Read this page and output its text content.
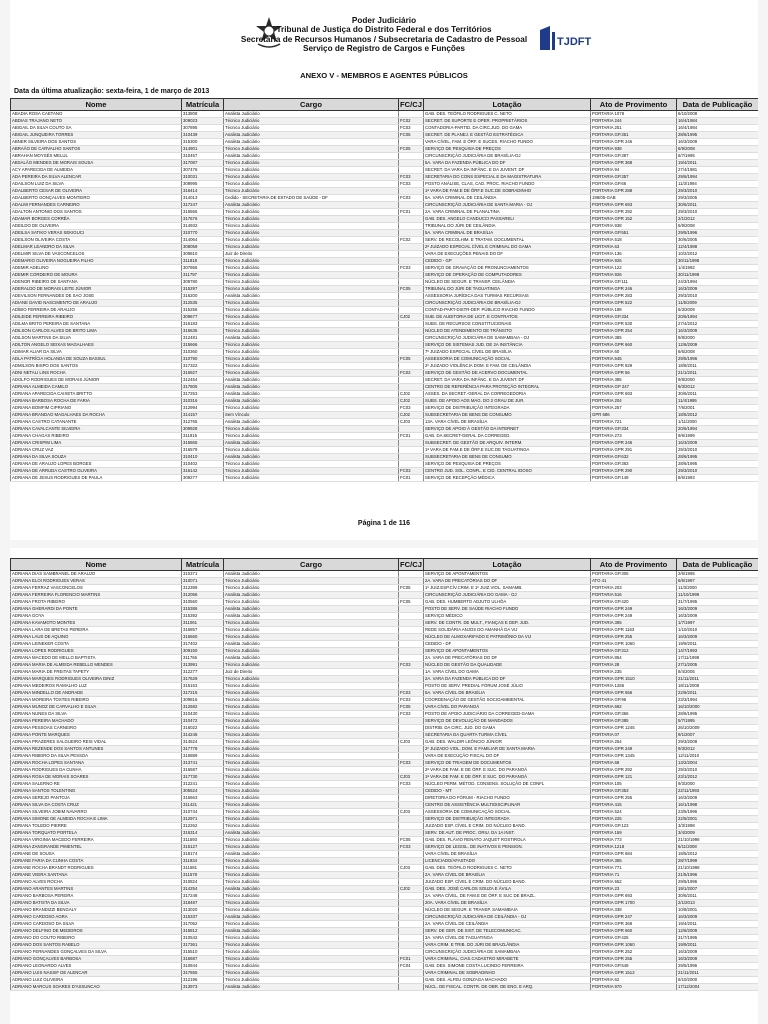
Poder Judiciário
Tribunal de Justiça do Distrito Federal e dos Territórios
Secretaria de Recursos Humanos / Subsecretaria de Cadastro de Pessoal
Serviço de Registro de Cargos e Funções
TJDFT
ANEXO V - MEMBROS E AGENTES PÚBLICOS
Data da última atualização: sexta-feira, 1 de março de 2013
Nome	Matrícula	Cargo	FC/CJ	Lotação	Ato de Provimento	Data de Publicação
ABADIA ROSA CAETANO	313808	Analista Judiciário		GAB. DES. TEÓFILO RODRIGUES C. NETO	PORTARIA 1078	6/10/2008
ABDIAS TRAJANO NETO	309023	Técnico Judiciário	FC02	SECRET. DE SUPORTE E OPER. PROPRIETÁRIOS	PORTARIA 244	16/4/1984
ABIGAIL DA SILVA COUTO SA	307895	Técnico Judiciário	FC03	CONTADORIA-PARTID. DA CIRC.JUD. DO GAMA	PORTARIA 251	16/4/1984
ABIGAIL JUNQUEIRA TORRES	310439	Analista Judiciário	FC05	SECRET. DE PLANEJ. E GESTÃO ESTRATÉGICA	PORTARIA GP.361	28/6/1995
ABNER SILVEIRA DOS SANTOS	315300	Analista Judiciário		VARA CÍVEL, FAM. E ÓRF. E SUCES. RIACHO FUNDO	PORTARIA GPR 246	16/3/2009
ABRAÃO DE CARVALHO SANTOS	314901	Técnico Judiciário	FC05	SERVIÇO DE PESQUISA DE PREÇOS	PORTARIA 938	6/9/2008
ABRAHAN MOYSÉS MELUL	310457	Analista Judiciário		CIRCUNSCRIÇÃO JUDICIÁRIA DE BRASÍLIA-DJ	PORTARIA GP.387	6/7/1995
ABSALÃO MENDES DE MORAIS SOUSA	317087	Técnico Judiciário		5A. VARA DA FAZENDA PÚBLICA DO DF	PORTARIA GPR 368	19/4/2011
ACY APARECIDA DE ALMEIDA	307476	Técnico Judiciário		SECRET. DA VARA DA INFÂNC. E DA JUVENT. DF	PORTARIA 94	27/4/1981
ADA PEREIRA DA SILVA ALENCAR	310031	Técnico Judiciário	FC03	SECRETARIA DO CONS ESPECIAL E DA MAGISTRATURA	PORTARIA GP.357	29/6/1994
ADAILSON LUIZ DA SILVA	309995	Técnico Judiciário	FC03	POSTO ANÁLISE, CLAS, CAD. PROC. RIACHO FUNDO	PORTARIA GP.66	11/3/1994
ADALBERTO CESAR DE OLIVEIRA	316414	Técnico Judiciário		1ª VARA DE FAM.E DE ÓRF.E SUC.DE SOBRADINHO	PORTARIA GPR 288	29/3/2010
ADALBERTO GONÇALVES MONTEIRO	314013	Cedido - SECRETARIA DE ESTADO DE SAÚDE - DF	FC03	5A. VARA CRIMINAL DE CEILÂNDIA	198/05-GAB	29/3/2005
ADALMI FERNANDES CARNEIRO	317247	Analista Judiciário		CIRCUNSCRIÇÃO JUDICIÁRIA DE SANTA MARIA - OJ	PORTARIA GPR 693	30/6/2011
ADALTON ANTONIO DOS SANTOS	316566	Técnico Judiciário	FC01	2A. VARA CRIMINAL DE PLANALTINA	PORTARIA GPR 292	29/3/2010
ADAMAR BORGES CORRÊA	317676	Técnico Judiciário		GAB. DES. ANGELO CANDUCCI PASSARELI	PORTARIA GPR 152	2/1/2012
ADEILDO DE OLIVEIRA	314932	Técnico Judiciário		TRIBUNAL DO JÚRI DE CEILÂNDIA	PORTARIA 938	6/9/2008
ADEILSA SATIKO VERAS SEKIGUCI	310770	Técnico Judiciário		5A. VARA CRIMINAL DE BRASÍLIA	PORTARIA GP.551	29/5/1996
ADEILSON OLIVEIRA COSTA	314064	Técnico Judiciário	FC02	SERV. DE RECOLHIM. E TRATAM. DOCUMENTAL	PORTARIA 518	30/6/2005
ADELMAR LEANDRO DA SILVA	308059	Técnico Judiciário		2ª JUIZADO ESPECIAL CÍVEL E CRIMINAL DO GAMA	PORTARIA 63	12/4/1988
ADELMIR SILVA DE VASCONCELOS	309810	Juiz de Direito		VARA DE EXECUÇÕES PENAIS DO DF	PORTARIA 136	10/2/2012
ADEMARIO OLIVEIRA NOGUEIRA FILHO	311818	Técnico Judiciário		CEDIDO - GP	PORTARIA 926	30/11/1998
ADEMIR ADELINO	307866	Técnico Judiciário	FC03	SERVIÇO DE GRAVAÇÃO DE PRONUNCIAMENTOS	PORTARIA 122	1/4/1992
ADEMIR CORDEIRO DE MOURA	311797	Técnico Judiciário		SERVIÇO DE OPERAÇÃO DE COMPUTADORES	PORTARIA 926	30/11/1998
ADENOR RIBEIRO DE SANTANA	309780	Técnico Judiciário		NÚCLEO DE SEGUR. E TRANSP. CEILÂNDIA	PORTARIA GP.111	24/3/1994
ADERALDO DE MORAIS LEITE JÚNIOR	315297	Técnico Judiciário	FC05	TRIBUNAL DO JÚRI DE TAGUATINGA	PORTARIA GPR 246	16/3/2009
ADEVILSON FERNANDES DE SAO JOSE	316200	Analista Judiciário		ASSESSORIA JURÍDICA DAS TURMAS RECURSAIS	PORTARIA GPR 283	29/3/2010
ADIANE DAVID NASCIMENTO DE ARAUJO	312535	Técnico Judiciário		CIRCUNSCRIÇÃO JUDICIÁRIA DE BRASÍLIA-DJ	PORTARIA GPR 522	11/5/2009
ADÍBIO FERREIRA DE ARAUJO	315256	Técnico Judiciário		CONTAD-PART-DISTR-DEP. PÚBLICO RIACHO FUNDO	PORTARIA 198	6/3/2009
ADILEIDE FERREIRA RIBEIRO	309677	Técnico Judiciário	CJ02	SUB. DE AUDITORIA DE LICIT. E CONTRATOS	PORTARIA GP.334	20/6/1994
ADILMA BRITO PEREIRA DE SANTANA	316183	Técnico Judiciário		SUBS. DE RECURSOS CONSTITUCIONAIS	PORTARIA GPR 530	27/4/2012
ADILSON CARLOS ALVES DE BRITO LIMA	315635	Técnico Judiciário		NÚCLEO DE ATENDIMENTO DE TRÂNSITO	PORTARIA GPR 254	16/3/2009
ADILSON MARTINS DA SILVA	312481	Analista Judiciário		CIRCUNSCRIÇÃO JUDICIÁRIA DE SAMAMBAIA - OJ	PORTARIA 385	9/8/2000
ADILTON ANGELO SEIXAS MAGALHAES	315666	Técnico Judiciário		SERVIÇO DE SISTEMAS JUD. DE 2A INSTÂNCIA	PORTARIA GPR 660	12/6/2009
ADIMAR ALIAR DA SILVA	310360	Técnico Judiciário		7º JUIZADO ESPECIAL CÍVEL DE BRASÍLIA	PORTARIA 60	6/6/2008
ADLA PATRÍCIA HOLANDA DE SOUZA BASSUL	310790	Técnico Judiciário	FC05	ASSESSORIA DE COMUNICAÇÃO SOCIAL	PORTARIA 545	29/5/1996
ADMILSON BISPO DOS SANTOS	317322	Técnico Judiciário		2º JUIZADO VIOLÊNCIA DOM. E FAM. DE CEILÂNDIA	PORTARIA GPR 929	18/8/2011
ADNI NETALI LINS ROCHA	316927	Técnico Judiciário	FC02	SERVIÇO DE GESTÃO DE ACERVO DOCUMENTAL	PORTARIA GPR 56	21/1/2011
ADOLFO RODRIGUES DE MORAIS JÚNIOR	312454	Analista Judiciário		SECRET. DA VARA DA INFÂNC. E DA JUVENT. DF	PORTARIA 385	9/8/2000
ADRIANA ALMEIDA CAMILO	317805	Analista Judiciário		CENTRO DE REFERÊNCIA PARA PROTEÇÃO INTEGRAL	PORTARIA GP 247	9/3/2012
ADRIANA APARECIDA CAIXETA BRITTO	317253	Analista Judiciário	CJ02	ASSES. DA SECRET.-GERAL DA CORREGEDORIA	PORTARIA GPR 693	30/6/2011
ADRIANA BARBOSA ROCHA DE FARIA	310316	Analista Judiciário	CJ02	SUBS. DE APOIO AOS MAG. DO 2 GRAU DE JUR.	PORTARIA 204	11/4/1995
ADRIANA BOMFIM CIPRIANO	312994	Técnico Judiciário	FC03	SERVIÇO DE DISTRIBUIÇÃO INTEGRADA	PORTARIA 257	7/6/2001
ADRIANA BRANDAO MAGALHAES DA ROCHA	314157	Sem Vínculo	CJ02	SUBSECRETARIA DE BENS DE CONSUMO	GPR 686	18/5/2012
ADRIANA CASTRO CATANANTE	312765	Analista Judiciário	CJ03	13A. VARA CÍVEL DE BRASÍLIA	PORTARIA 721	1/11/2000
ADRIANA CAVALCANTE SILVEIRA	309928	Técnico Judiciário		SERVIÇO DE APOIO À GESTÃO DA INTERNET	PORTARIA GP.334	20/6/1994
ADRIANA CHAGAS RIBEIRO	311915	Técnico Judiciário	FC01	GAB. DA SECRET-GERAL DA CORREGED.	PORTARIA 273	9/6/1999
ADRIANA CRISPIM LIMA	315865	Analista Judiciário		SUBSECRET. DE GESTÃO DE ARQUIV. INTERM.	PORTARIA GPR 246	16/3/2009
ADRIANA CRUZ VAZ	316579	Técnico Judiciário		1ª VARA DE FAM.E DE ÓRF.E SUC.DE TAGUATINGA	PORTARIA GPR 291	29/3/2010
ADRIANA DA SILVA SOUZA	310410	Analista Judiciário		SUBSECRETARIA DE BENS DE CONSUMO	PORTARIA GP.632	28/6/1995
ADRIANA DE ARAUJO LOPES BORGES	310402	Técnico Judiciário		SERVIÇO DE PESQUISA DE PREÇOS	PORTARIA GP.363	28/6/1995
ADRIANA DE ARRUDA CASTRO OLIVEIRA	316142	Técnico Judiciário	FC03	CENTRO JUD. SOL. CONFL. E CID. CENTRAL IDOSO	PORTARIA GPR 290	29/3/2010
ADRIANA DE JESUS RODRIGUES DE PAULA	309277	Técnico Judiciário	FC01	SERVIÇO DE RECEPÇÃO MÉDICA	PORTARIA GP.148	8/6/1993
Página 1 de 116
Nome	Matrícula	Cargo	FC/CJ	Lotação	Ato de Provimento	Data de Publicação
ADRIANA DIAS SAMBRANEL DE ARAUJO	310371	Analista Judiciário		SERVIÇO DE APONTAMENTOS	PORTARIA GP.305	2/6/1995
ADRIANA ELOI RODRIGUES VERAS	310071	Técnico Judiciário		2A. VARA DE PRECATÓRIAS DO DF	ATO 41	6/6/1997
ADRIANA FERRAZ VASCONCELOS	312399	Técnico Judiciário	FC05	1º JUIZ.ESP.CÍV.CRIM. E 1º JUIZ.VIOL. SAMAMB.	PORTARIA 203	11/3/2000
ADRIANA FERREIRA FLORENCIO MARTINS	312056	Analista Judiciário		CIRCUNSCRIÇÃO JUDICIÁRIA DO GAMA - OJ	PORTARIA 516	11/10/1999
ADRIANA FROTA RIBEIRO	310560	Técnico Judiciário	FC05	GAB. DES. HUMBERTO ADJUTO ULHÔA	PORTARIA GP.420	31/7/1995
ADRIANA GHERARDI DA PONTE	315386	Analista Judiciário		POSTO DE SERV. DE SAÚDE RIACHO FUNDO	PORTARIA GPR 249	16/3/2009
ADRIANA GOYA	315392	Analista Judiciário		SERVIÇO MÉDICO	PORTARIA GPR 249	16/3/2009
ADRIANA KAVAMOTO MONTES	311061	Técnico Judiciário		SERV. DE CONTR. DE MULT., FIANÇAS E DEP. JUD.	PORTARIA 395	1/7/1997
ADRIANA LARA DE BRETAS PEREIRA	316857	Técnico Judiciário		REDE SOLIDÁRIA ANJOS DO AMANHÃ DA VIJ	PORTARIA GPR 1163	1/10/2010
ADRIANA LAUS DE AQUINO	315660	Técnico Judiciário		NÚCLEO DE ALMOXARIFADO E PATRIMÔNIO DA VIJ	PORTARIA GPR 255	16/3/2009
ADRIANA LEINEKER COSTA	317402	Analista Judiciário		CEDIDO - DF	PORTARIA GPR 1060	19/9/2011
ADRIANA LOPES RODRIGUES	309150	Técnico Judiciário		SERVIÇO DE APONTAMENTOS	PORTARIA GP.312	14/7/1993
ADRIANA MACEDO DE MELLO BAPTISTA	311766	Analista Judiciário		2A. VARA DE PRECATÓRIAS DO DF	PORTARIA 854	17/11/1998
ADRIANA MARIA DE ALMEIDA REBELLO MENDES	313991	Técnico Judiciário	FC03	NÚCLEO DE GESTÃO DA QUALIDADE	PORTARIA 28	27/1/2005
ADRIANA MARIA DE FREITAS TAPETY	312277	Juiz de Direito		1A. VARA CÍVEL DO GAMA	PORTARIA 235	8/4/2005
ADRIANA MARQUES RODRIGUES OLIVEIRA DINIZ	317629	Técnico Judiciário		2A. VARA DA FAZENDA PÚBLICA DO DF	PORTARIA GPR 1510	21/11/2011
ADRIANA MEDEIROS RAMALHO LUZ	315153	Técnico Judiciário		POSTO DE SERV. PREDIAL FÓRUM JOSÉ JÚLIO	PORTARIA 1286	18/11/2008
ADRIANA MINDELLO DE ANDRADE	317215	Técnico Judiciário	FC03	5A. VARA CÍVEL DE BRASÍLIA	PORTARIA GPR 656	22/6/2011
ADRIANA MOREIRA TOSTES RIBEIRO	309816	Técnico Judiciário	FC03	COORDENAÇÃO DE GESTÃO SOCIOAMBIENTAL	PORTARIA GP.96	23/3/1994
ADRIANA MUNOZ DE CARVALHO E SILVA	312682	Técnico Judiciário	FC05	VARA CÍVEL DO PARANOÁ	PORTARIA 692	16/10/2000
ADRIANA NUNES DA SILVA	310430	Técnico Judiciário	FC03	POSTO DE APOIO JUDICIÁRIO DA CORREGED-GAMA	PORTARIA GP.366	28/6/1995
ADRIANA PEREIRA MACHADO	310472	Técnico Judiciário		SERVIÇO DE DEVOLUÇÃO DE MANDADOS	PORTARIA GP.385	5/7/1995
ADRIANA PESSOAS CARNEIRO	316022	Técnico Judiciário		DISTRIB. DA CIRC. JUD. DO GAMA	PORTARIA GPR 1245	26/10/2009
ADRIANA PONTE MARQUES	314246	Técnico Judiciário		SECRETARIA DA QUARTA TURMA CÍVEL	PORTARIA 07	9/1/2007
ADRIANA PRAZERES SALGUEIRO REIS VIDAL	314524	Técnico Judiciário	CJ03	GAB. DES. WALDIR LEÔNCIO JÚNIOR	PORTARIA 254	29/3/2008
ADRIANA REZENDE DOS SANTOS ANTUNES	317778	Técnico Judiciário		2º JUIZADO VIOL. DOM. E FAMILIAR DE SANTA MARIA	PORTARIA GPR 249	9/3/2012
ADRIANA RIBEIRO DA SILVA PESSOA	316889	Técnico Judiciário		VARA DE EXECUÇÃO FISCAL DO DF	PORTARIA GPR 1345	12/11/2010
ADRIANA ROCHA LOPES SANTANA	313741	Técnico Judiciário	FC03	SERVIÇO DE TRIAGEM DE DOCUMENTOS	PORTARIA 68	13/2/2004
ADRIANA RODRIGUES DA CUNHA	316587	Técnico Judiciário		2ª VARA DE FAM. E DE ÓRF. E SUC. DO PARANOÁ	PORTARIA GPR 292	29/3/2010
ADRIANA ROSA DE MORAIS SOARES	317730	Técnico Judiciário	CJ03	1ª VARA DE FAM. E DE ÓRF. E SUC. DO PARANOÁ	PORTARIA GPR 121	23/1/2012
ADRIANA SALERNO RE	312241	Técnico Judiciário	FC03	NÚCLEO PERM. MÉTOD. CONSENS. SOLUÇÃO DE CONFL	PORTARIA 105	9/3/2000
ADRIANA SANTOS TOLENTINO	305524	Técnico Judiciário		CEDIDO - MT	PORTARIA GP.353	22/11/1993
ADRIANA SEREJO PANTOJA	315663	Técnico Judiciário		DIRETORIA DO FÓRUM - RIACHO FUNDO	PORTARIA GPR 255	16/3/2009
ADRIANA SILVA DA COSTA CRUZ	311421	Técnico Judiciário		CENTRO DE ASSISTÊNCIA MULTIDISCIPLINAR	PORTARIA 415	16/1/1998
ADRIANA SILVEIRA JOBIM NAVARRO	310744	Técnico Judiciário	CJ03	ASSESSORIA DE COMUNICAÇÃO SOCIAL	PORTARIA 524	23/5/1996
ADRIANA SIMONE DE ALMEIDA ROCHA E LIMA	312971	Técnico Judiciário		SERVIÇO DE DISTRIBUIÇÃO INTEGRADA	PORTARIA 225	22/5/2001
ADRIANA TOLEDO PIERRE	312262	Técnico Judiciário		JUIZADO ESP. CÍVEL E CRIM. DO NÚCLEO BAND.	PORTARIA GP.123	3/3/1998
ADRIANA TORQUATO PORTELA	316314	Analista Judiciário		SERV. DE AUT. DE PROC. ORIU. DA 1A INST.	PORTARIA 159	3/4/2009
ADRIANA VIRGINIA MACEDO FERREIRA	311593	Técnico Judiciário	FC05	GAB. DES. FLÁVIO RENATO JAQUET ROSTIROLA	PORTARIA 773	21/10/1998
ADRIANA ZANGRANDE PIMENTEL	315127	Técnico Judiciário	FC03	SERVIÇO DE LEGISL. DE INATIVOS E PENSION.	PORTARIA 1218	6/11/2008
ADRIANE DE SOUSA	318174	Analista Judiciário		VARA CÍVEL DE BRASÍLIA	PORTARIA GPR 684	18/5/2012
ADRIANE FARIA DA CUNHA COSTA	311934	Técnico Judiciário		LICENCIADO/AFASTADO	PORTARIA 365	28/7/1999
ADRIANE ROCHA BRANDT RODRIGUES	311581	Técnico Judiciário	CJ03	GAB. DES. TEÓFILO RODRIGUES C. NETO	PORTARIA 771	21/10/1998
ADRIANE VIEIRA SANTANA	311578	Técnico Judiciário		2A. VARA CÍVEL DE BRASÍLIA	PORTARIA 71	21/5/1996
ADRIANO ALVES ROCHA	310824	Técnico Judiciário		JUIZADO ESP. CÍVEL E CRIM. DO NÚCLEO BAND.	PORTARIA 552	29/5/1996
ADRIANO ARANTES MARTINS	314254	Analista Judiciário	CJ02	GAB. DES. JOSÉ CARLOS SOUZA E ÁVILA	PORTARIA 23	19/1/2007
ADRIANO BARBOSA PEREIRA	317248	Técnico Judiciário		2A. VARA CÍVEL, DE FAM.E DE ÓRF. E SUC DE BRAZL.	PORTARIA GPR 693	30/6/2011
ADRIANO BATISTA DA SILVA	318487	Técnico Judiciário		20A. VARA CÍVEL DE BRASÍLIA	PORTARIA GPR 1700	2/1/2013
ADRIANO BRANDIZZI BENGALY	313020	Técnico Judiciário		NÚCLEO DE SEGUR. E TRANSP. SAMAMBAIA	PORTARIA 338	10/8/2001
ADRIANO CARDOSO AGRA	315337	Analista Judiciário		CIRCUNSCRIÇÃO JUDICIÁRIA DE CEILÂNDIA - OJ	PORTARIA GPR 247	16/3/2009
ADRIANO CARDOSO DA SILVA	317052	Técnico Judiciário		2A. VARA CÍVEL DE CEILÂNDIA	PORTARIA GPR 368	19/4/2011
ADRIANO DELFINO DE MEDEIROS	315812	Analista Judiciário		SERV. DE GER. DE SIST. DE TELECOMUNICAC.	PORTARIA GPR 660	12/6/2009
ADRIANO DO COUTO RIBEIRO	310542	Técnico Judiciário		3A. VARA CÍVEL DE TAGUATINGA	PORTARIA GP.425	31/7/1995
ADRIANO DOS SANTOS RABELO	317361	Técnico Judiciário		VARA CRIM. E TRIB. DO JÚRI DE BRAZLÂNDIA	PORTARIA GPR 1060	19/9/2011
ADRIANO FERNANDES GONÇALVES DA SILVA	315510	Técnico Judiciário		CIRCUNSCRIÇÃO JUDICIÁRIA DE SAMAMBAIA	PORTARIA GPR 252	16/3/2009
ADRIANO GONÇALVES BARBOSA	315687	Técnico Judiciário	FC01	VARA CRIMINAL, CIAS.CADASTRO MIRABETE	PORTARIA GPR 255	16/3/2009
ADRIANO LEONARDO ALVES	310844	Técnico Judiciário	FC04	GAB. DES. SIMONE COSTA LUCINDO FERREIRA	PORTARIA GP.548	29/5/1996
ADRIANO LUIS NASSIF DE ALENCAR	317655	Técnico Judiciário		VARA CRIMINAL DE SOBRADINHO	PORTARIA GPR 1512	21/11/2011
ADRIANO LUIZ OLIVEIRA	312196	Técnico Judiciário		GAB. DES. ALFEU GONZAGA MACHADO	PORTARIA 62	6/10/2000
ADRIANO MARCUS SOARES D'ASSUNCAO	313973	Analista Judiciário		NÚCL. DE FISCAL. CONTR. DE OBR. DE ENG. E ARQ.	PORTARIA 970	17/12/2004
